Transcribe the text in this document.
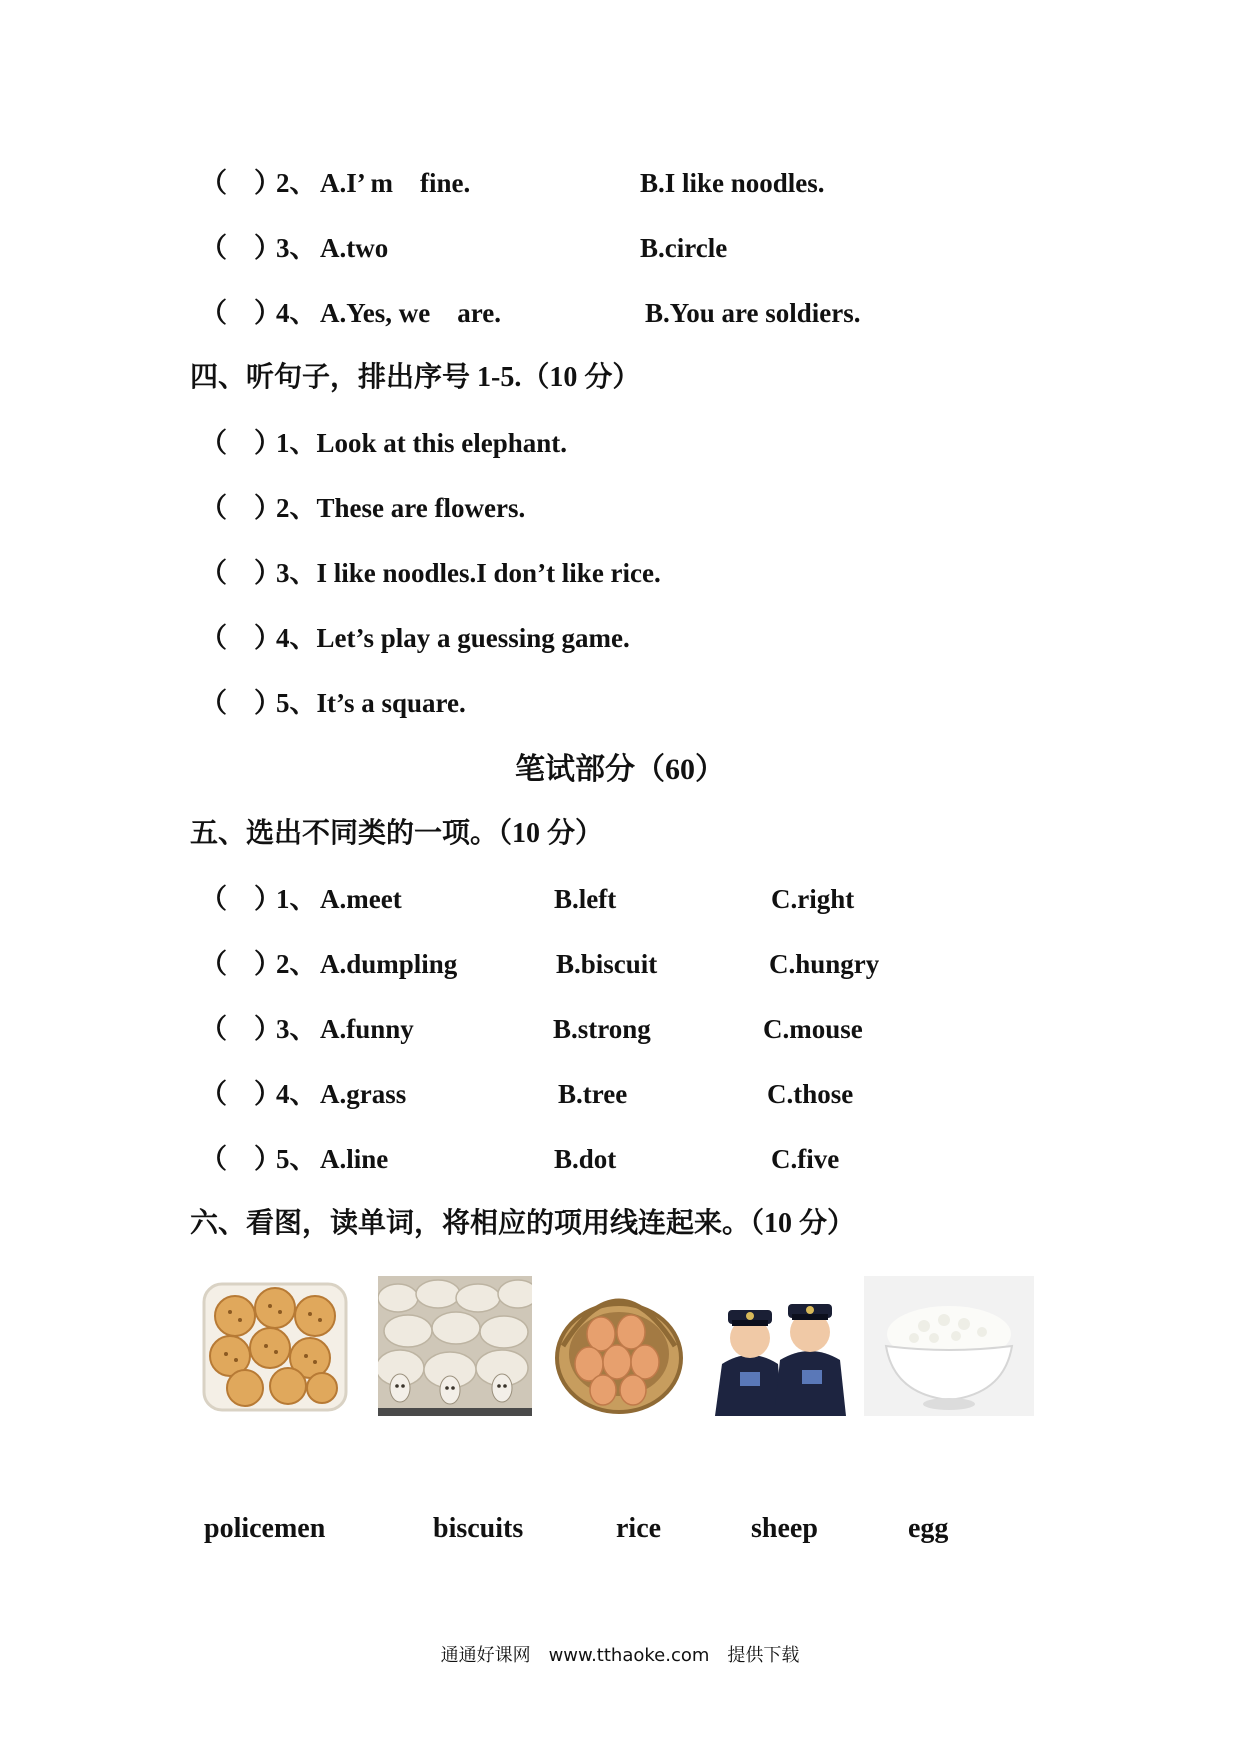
（　）
2、 A.I’ m　fine.	B.I like noodles.
（　）
3、 A.two	B.circle
（　）
4、 A.Yes, we　are.	B.You are soldiers.
四、听句子，排出序号 1-5.（10 分）
（　）
1、Look at this elephant.
（　）
2、These are flowers.
（　）
3、I like noodles.I don’t like rice.
（　）
4、Let’s play a guessing game.
（　）
5、It’s a square.
笔试部分（60）
五、选出不同类的一项。（10 分）
（　）
1、 A.meet	B.left	C.right
（　）
2、 A.dumpling	B.biscuit	C.hungry
（　）
3、 A.funny	B.strong	C.mouse
（　）
4、 A.grass	B.tree	C.those
（　）
5、 A.line	B.dot	C.five
六、看图，读单词，将相应的项用线连起来。（10 分）
policemen	biscuits	rice	sheep	egg
通通好课网　www.tthaoke.com　提供下载
